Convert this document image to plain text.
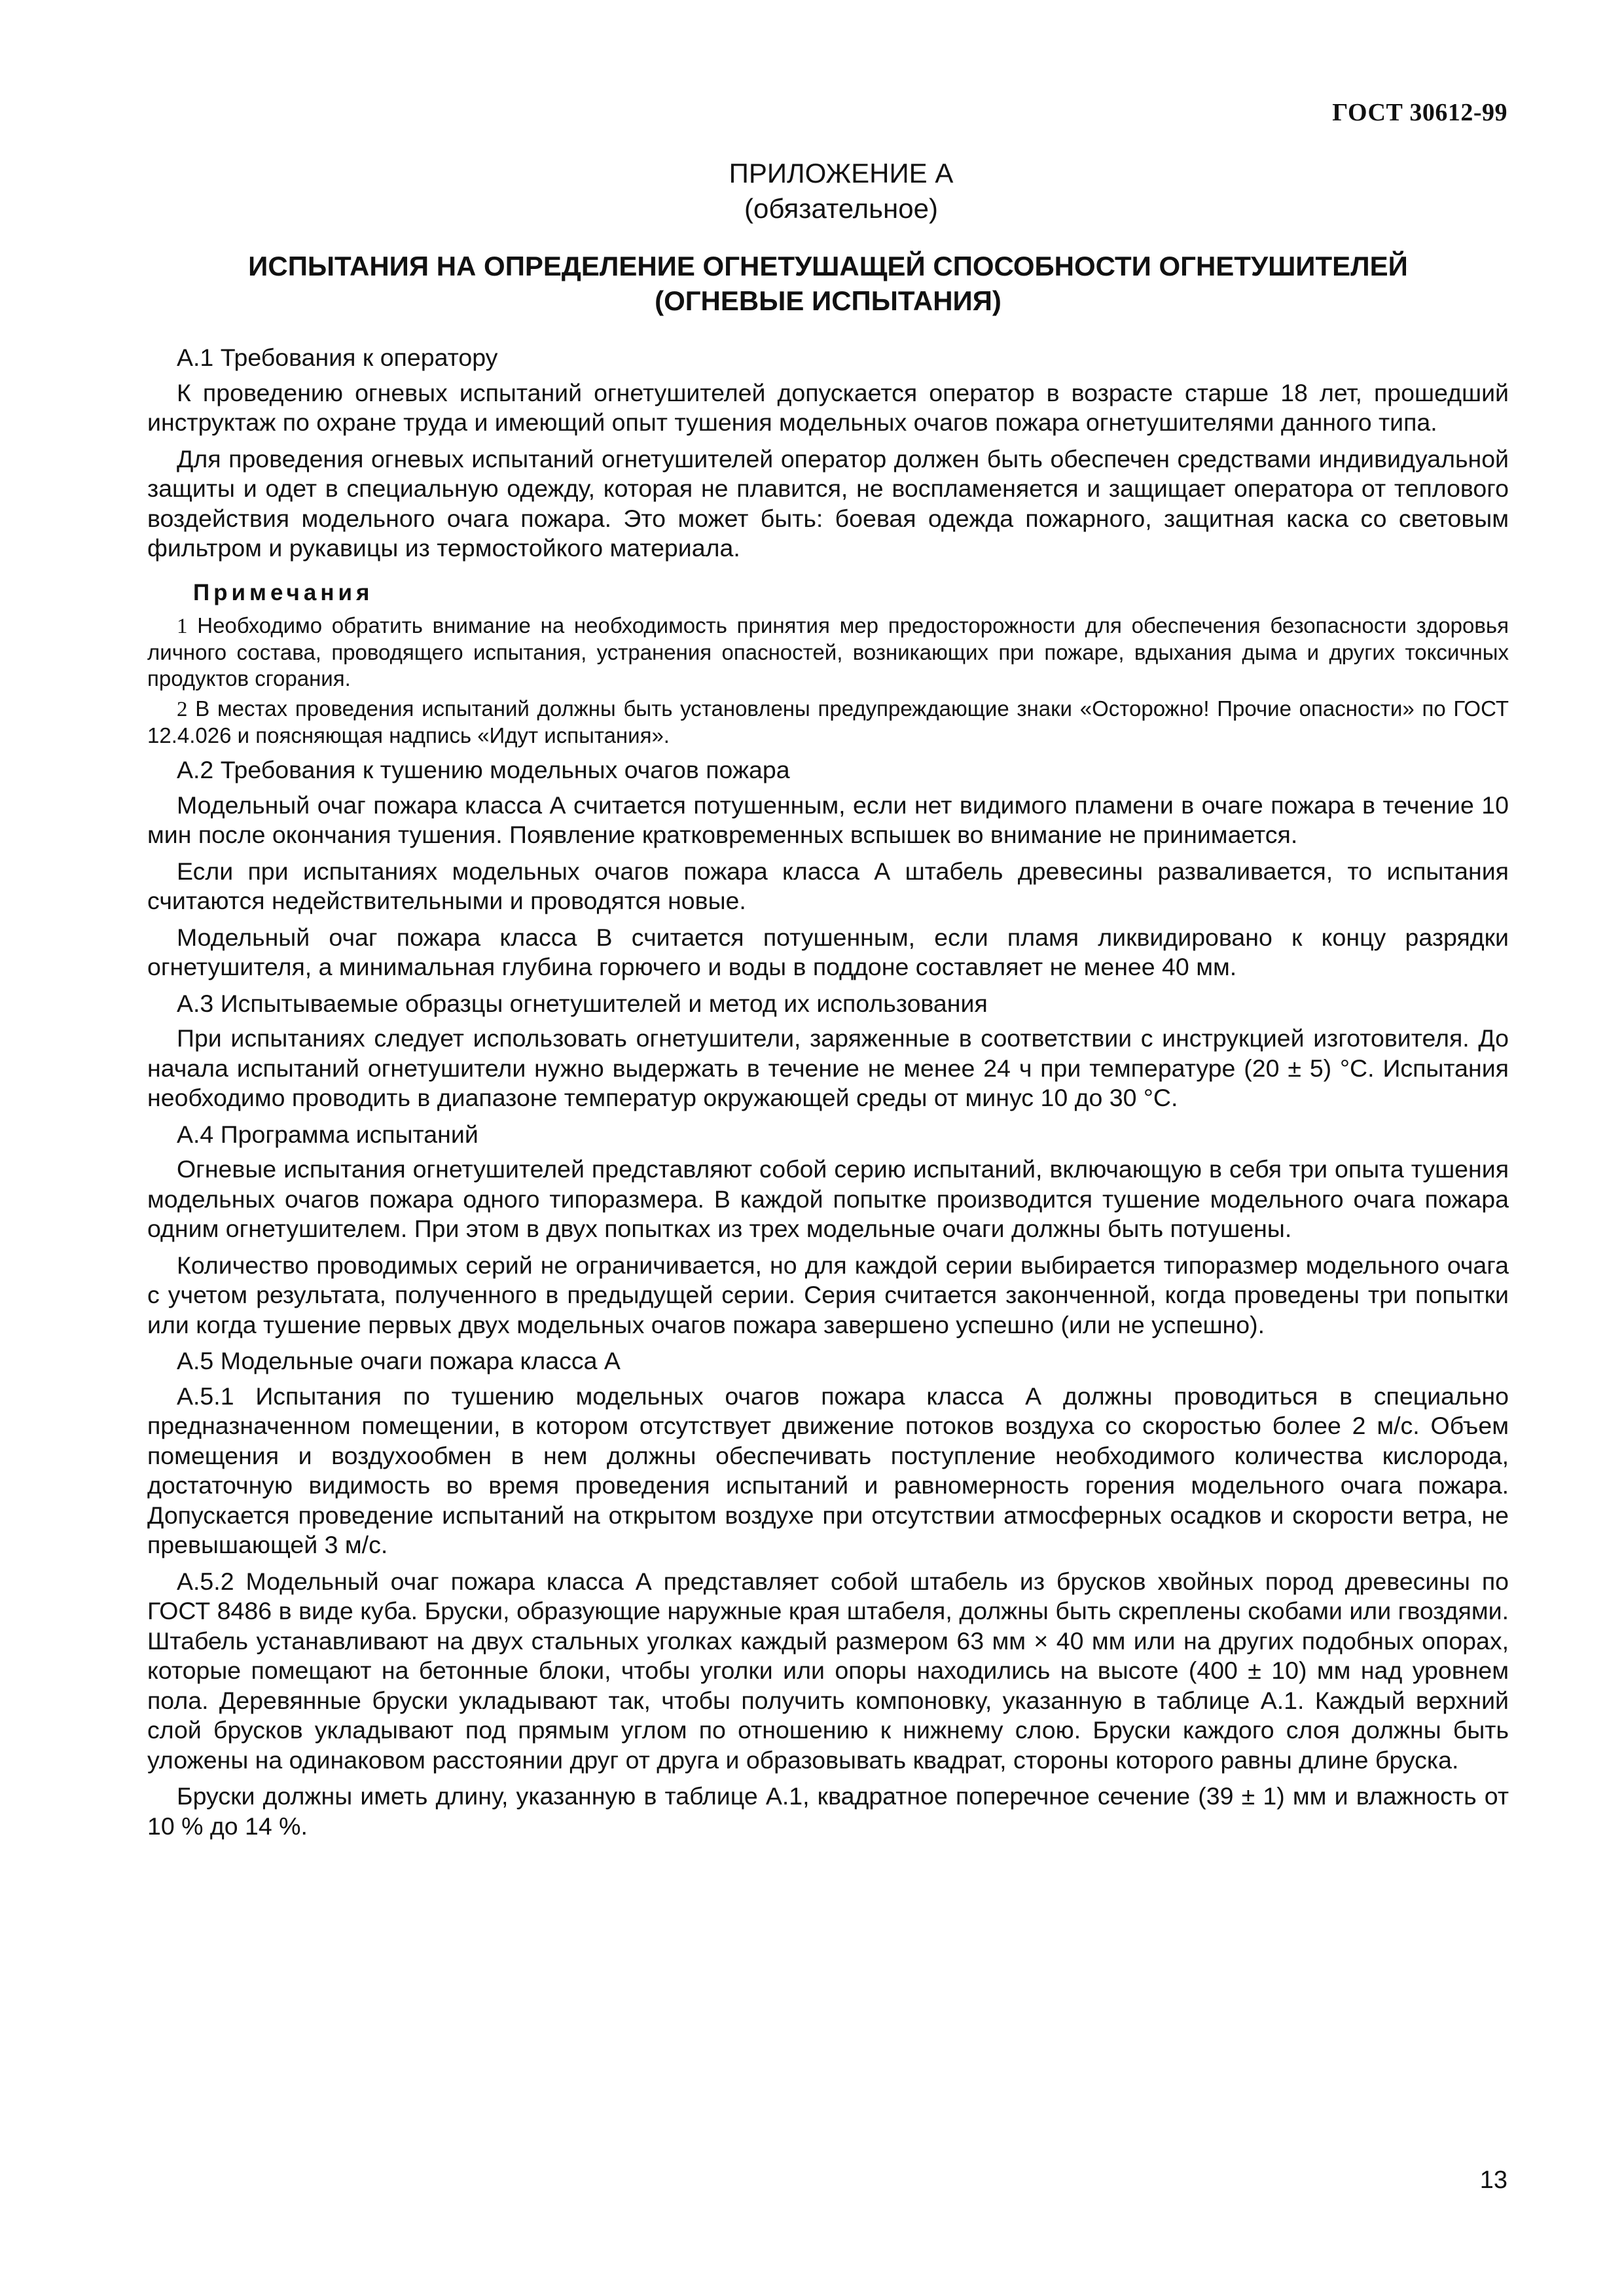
ГОСТ 30612-99

ПРИЛОЖЕНИЕ А

(обязательное)

ИСПЫТАНИЯ НА ОПРЕДЕЛЕНИЕ ОГНЕТУШАЩЕЙ СПОСОБНОСТИ ОГНЕТУШИТЕЛЕЙ
(ОГНЕВЫЕ ИСПЫТАНИЯ)
А.1 Требования к оператору

К проведению огневых испытаний огнетушителей допускается оператор в возрасте старше 18 лет, прошедший инструктаж по охране труда и имеющий опыт тушения модельных очагов пожара огнетушителями данного типа.

Для проведения огневых испытаний огнетушителей оператор должен быть обеспечен средствами индивидуальной защиты и одет в специальную одежду, которая не плавится, не воспламеняется и защищает оператора от теплового воздействия модельного очага пожара. Это может быть: боевая одежда пожарного, защитная каска со световым фильтром и рукавицы из термостойкого материала.

Примечания

1 Необходимо обратить внимание на необходимость принятия мер предосторожности для обеспечения безопасности здоровья личного состава, проводящего испытания, устранения опасностей, возникающих при пожаре, вдыхания дыма и других токсичных продуктов сгорания.

2 В местах проведения испытаний должны быть установлены предупреждающие знаки «Осторожно! Прочие опасности» по ГОСТ 12.4.026 и поясняющая надпись «Идут испытания».

А.2 Требования к тушению модельных очагов пожара

Модельный очаг пожара класса А считается потушенным, если нет видимого пламени в очаге пожара в течение 10 мин после окончания тушения. Появление кратковременных вспышек во внимание не принимается.

Если при испытаниях модельных очагов пожара класса А штабель древесины разваливается, то испытания считаются недействительными и проводятся новые.

Модельный очаг пожара класса В считается потушенным, если пламя ликвидировано к концу разрядки огнетушителя, а минимальная глубина горючего и воды в поддоне составляет не менее 40 мм.

А.3 Испытываемые образцы огнетушителей и метод их использования

При испытаниях следует использовать огнетушители, заряженные в соответствии с инструкцией изготовителя. До начала испытаний огнетушители нужно выдержать в течение не менее 24 ч при температуре (20 ± 5) °С. Испытания необходимо проводить в диапазоне температур окружающей среды от минус 10 до 30 °С.

А.4 Программа испытаний

Огневые испытания огнетушителей представляют собой серию испытаний, включающую в себя три опыта тушения модельных очагов пожара одного типоразмера. В каждой попытке производится тушение модельного очага пожара одним огнетушителем. При этом в двух попытках из трех модельные очаги должны быть потушены.

Количество проводимых серий не ограничивается, но для каждой серии выбирается типоразмер модельного очага с учетом результата, полученного в предыдущей серии. Серия считается законченной, когда проведены три попытки или когда тушение первых двух модельных очагов пожара завершено успешно (или не успешно).

А.5 Модельные очаги пожара класса А

А.5.1 Испытания по тушению модельных очагов пожара класса А должны проводиться в специально предназначенном помещении, в котором отсутствует движение потоков воздуха со скоростью более 2 м/с. Объем помещения и воздухообмен в нем должны обеспечивать поступление необходимого количества кислорода, достаточную видимость во время проведения испытаний и равномерность горения модельного очага пожара. Допускается проведение испытаний на открытом воздухе при отсутствии атмосферных осадков и скорости ветра, не превышающей 3 м/с.

А.5.2 Модельный очаг пожара класса А представляет собой штабель из брусков хвойных пород древесины по ГОСТ 8486 в виде куба. Бруски, образующие наружные края штабеля, должны быть скреплены скобами или гвоздями. Штабель устанавливают на двух стальных уголках каждый размером 63 мм × 40 мм или на других подобных опорах, которые помещают на бетонные блоки, чтобы уголки или опоры находились на высоте (400 ± 10) мм над уровнем пола. Деревянные бруски укладывают так, чтобы получить компоновку, указанную в таблице А.1. Каждый верхний слой брусков укладывают под прямым углом по отношению к нижнему слою. Бруски каждого слоя должны быть уложены на одинаковом расстоянии друг от друга и образовывать квадрат, стороны которого равны длине бруска.

Бруски должны иметь длину, указанную в таблице А.1, квадратное поперечное сечение (39 ± 1) мм и влажность от 10 % до 14 %.

13
